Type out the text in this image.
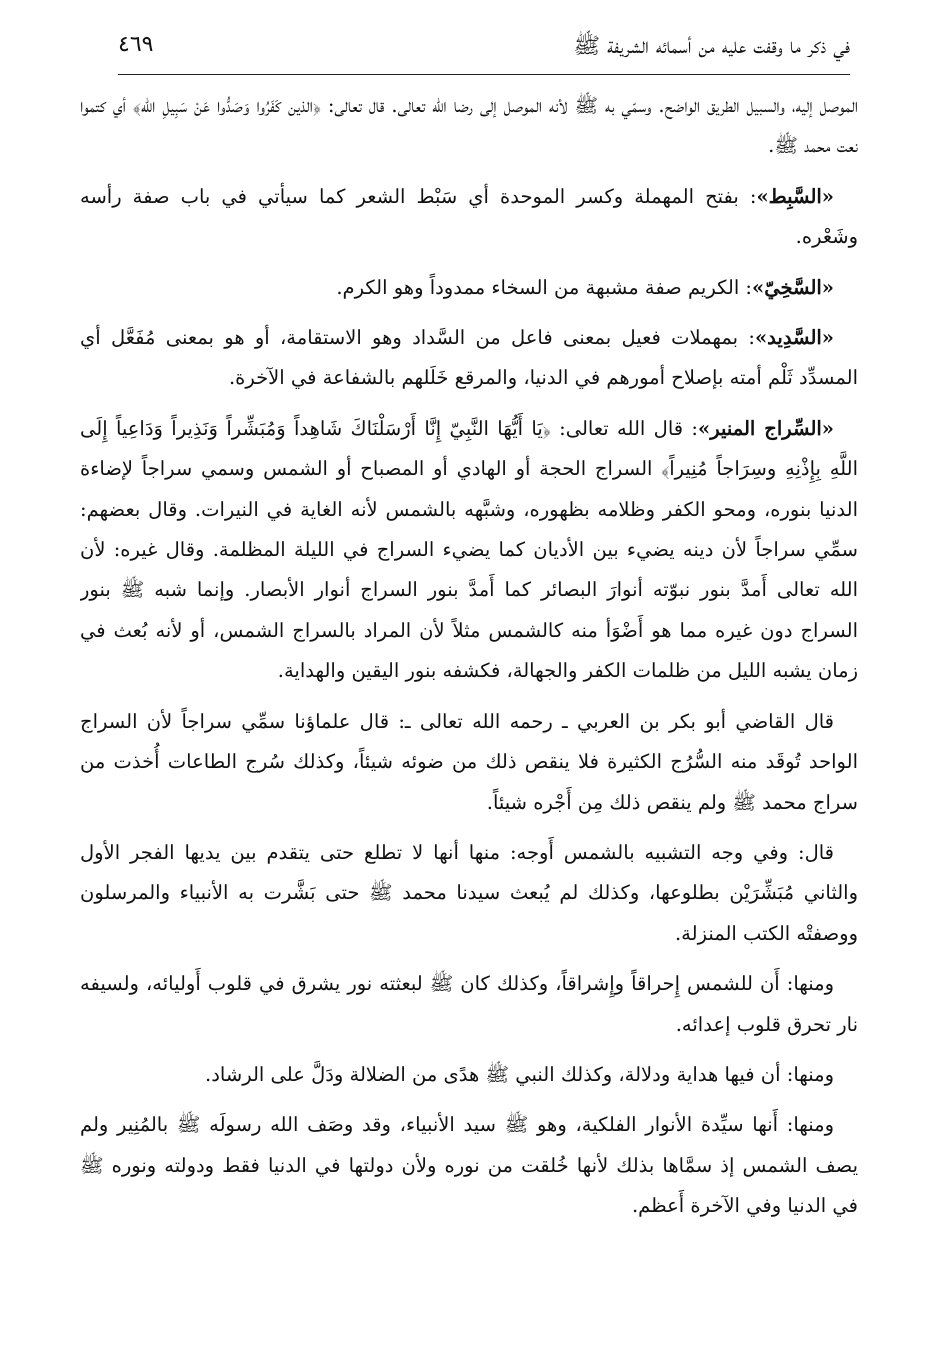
في ذكر ما وقفت عليه من أسمائه الشريفة ﷺ
٤٦٩

الموصل إليه، والسبيل الطريق الواضح. وسمّي به ﷺ لأنه الموصل إلى رضا الله تعالى. قال تعالى: ﴿الذين كَفَرُوا وَصَدُّوا عَنْ سَبِيلِ الله﴾ أي كتموا نعت محمد ﷺ.

«السَّبِط»: بفتح المهملة وكسر الموحدة أي سَبْط الشعر كما سيأتي في باب صفة رأسه وشَعْره.

«السَّخِيّ»: الكريم صفة مشبهة من السخاء ممدوداً وهو الكرم.

«السَّدِيد»: بمهملات فعيل بمعنى فاعل من السَّداد وهو الاستقامة، أو هو بمعنى مُفَعَّل أي المسدِّد ثَلْم أمته بإصلاح أمورهم في الدنيا، والمرقع خَلَلهم بالشفاعة في الآخرة.

«السِّراج المنير»: قال الله تعالى: ﴿يَا أَيُّهَا النَّبِيّ إِنَّا أَرْسَلْنَاكَ شَاهِداً وَمُبَشِّراً وَنَذِيراً وَدَاعِياً إِلَى اللَّهِ بِإِذْنِهِ وسِرَاجاً مُنِيراً﴾ السراج الحجة أو الهادي أو المصباح أو الشمس وسمي سراجاً لإضاءة الدنيا بنوره، ومحو الكفر وظلامه بظهوره، وشبَّهه بالشمس لأنه الغاية في النيرات. وقال بعضهم: سمِّي سراجاً لأن دينه يضيء بين الأديان كما يضيء السراج في الليلة المظلمة. وقال غيره: لأن الله تعالى أَمدَّ بنور نبوّته أنوارَ البصائر كما أَمدَّ بنور السراج أنوار الأبصار. وإنما شبه ﷺ بنور السراج دون غيره مما هو أَضْوَأ منه كالشمس مثلاً لأن المراد بالسراج الشمس، أو لأنه بُعث في زمان يشبه الليل من ظلمات الكفر والجهالة، فكشفه بنور اليقين والهداية.

قال القاضي أبو بكر بن العربي ـ رحمه الله تعالى ـ: قال علماؤنا سمِّي سراجاً لأن السراج الواحد تُوقَد منه السُّرُج الكثيرة فلا ينقص ذلك من ضوئه شيئاً، وكذلك سُرج الطاعات أُخذت من سراج محمد ﷺ ولم ينقص ذلك مِن أَجْره شيئاً.

قال: وفي وجه التشبيه بالشمس أَوجه: منها أنها لا تطلع حتى يتقدم بين يديها الفجر الأول والثاني مُبَشِّرَيْن بطلوعها، وكذلك لم يُبعث سيدنا محمد ﷺ حتى بَشَّرت به الأنبياء والمرسلون ووصفتْه الكتب المنزلة.

ومنها: أَن للشمس إِحراقاً وإِشراقاً، وكذلك كان ﷺ لبعثته نور يشرق في قلوب أَوليائه، ولسيفه نار تحرق قلوب إعدائه.

ومنها: أن فيها هداية ودلالة، وكذلك النبي ﷺ هدًى من الضلالة ودَلَّ على الرشاد.

ومنها: أَنها سيِّدة الأنوار الفلكية، وهو ﷺ سيد الأنبياء، وقد وصَف الله رسولَه ﷺ بالمُنِير ولم يصف الشمس إذ سمَّاها بذلك لأنها خُلقت من نوره ولأن دولتها في الدنيا فقط ودولته ونوره ﷺ في الدنيا وفي الآخرة أَعظم.
